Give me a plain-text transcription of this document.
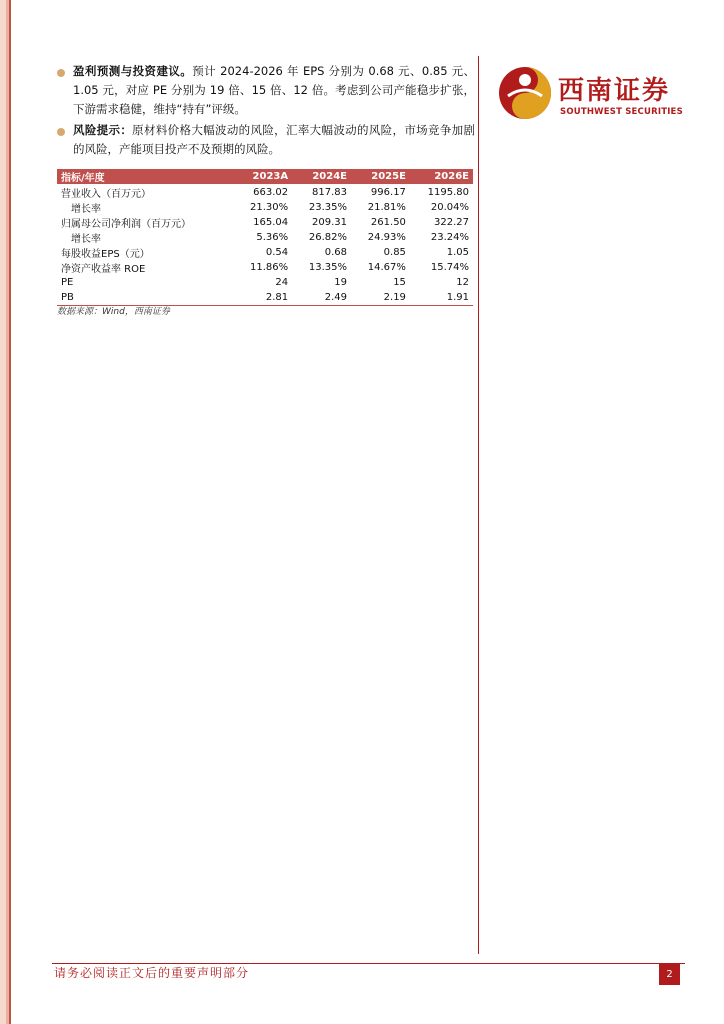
盈利预测与投资建议。预计 2024-2026 年 EPS 分别为 0.68 元、0.85 元、1.05 元，对应 PE 分别为 19 倍、15 倍、12 倍。考虑到公司产能稳步扩张，下游需求稳健，维持“持有”评级。
风险提示：原材料价格大幅波动的风险，汇率大幅波动的风险，市场竞争加剧的风险，产能项目投产不及预期的风险。
西南证券
SOUTHWEST SECURITIES
指标/年度	2023A	2024E	2025E	2026E
营业收入（百万元）	663.02	817.83	996.17	1195.80
增长率	21.30%	23.35%	21.81%	20.04%
归属母公司净利润（百万元）	165.04	209.31	261.50	322.27
增长率	5.36%	26.82%	24.93%	23.24%
每股收益EPS（元）	0.54	0.68	0.85	1.05
净资产收益率 ROE	11.86%	13.35%	14.67%	15.74%
PE	24	19	15	12
PB	2.81	2.49	2.19	1.91
数据来源：Wind，西南证券
请务必阅读正文后的重要声明部分	2
